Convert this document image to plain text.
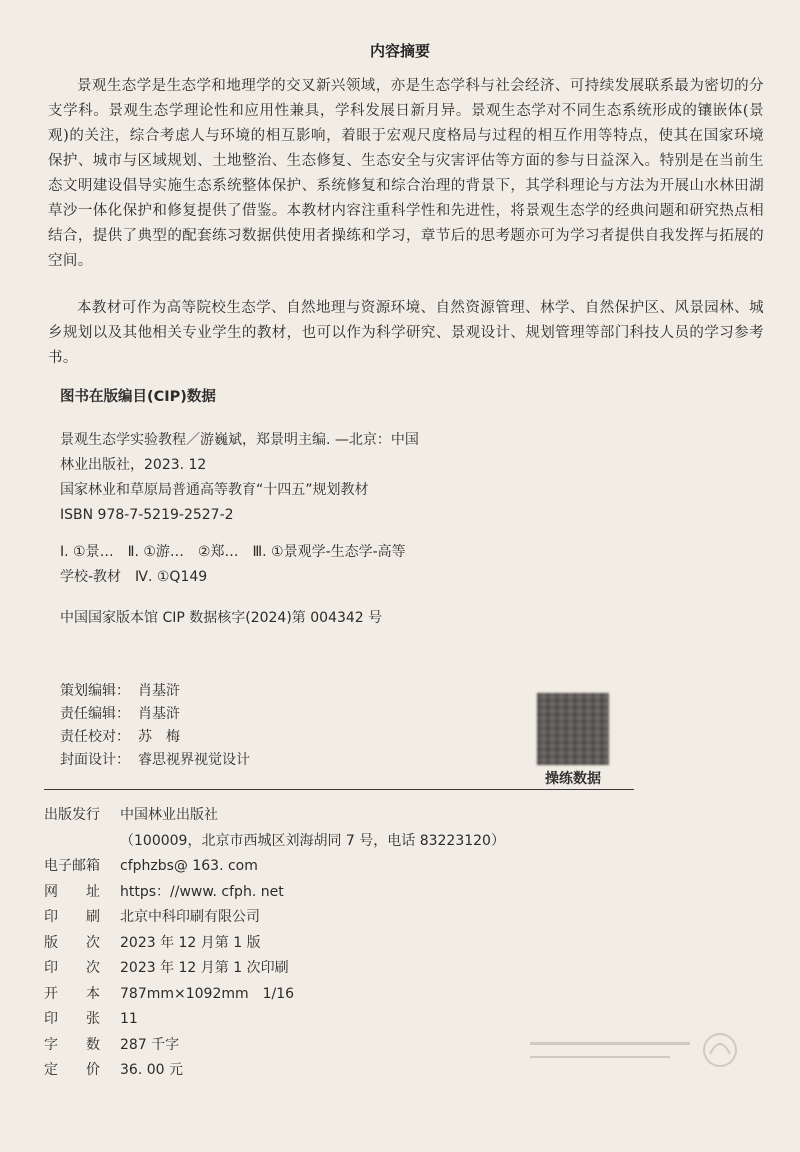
内容摘要
景观生态学是生态学和地理学的交叉新兴领域，亦是生态学科与社会经济、可持续发展联系最为密切的分支学科。景观生态学理论性和应用性兼具，学科发展日新月异。景观生态学对不同生态系统形成的镶嵌体(景观)的关注，综合考虑人与环境的相互影响，着眼于宏观尺度格局与过程的相互作用等特点，使其在国家环境保护、城市与区域规划、土地整治、生态修复、生态安全与灾害评估等方面的参与日益深入。特别是在当前生态文明建设倡导实施生态系统整体保护、系统修复和综合治理的背景下，其学科理论与方法为开展山水林田湖草沙一体化保护和修复提供了借鉴。本教材内容注重科学性和先进性，将景观生态学的经典问题和研究热点相结合，提供了典型的配套练习数据供使用者操练和学习，章节后的思考题亦可为学习者提供自我发挥与拓展的空间。
本教材可作为高等院校生态学、自然地理与资源环境、自然资源管理、林学、自然保护区、风景园林、城乡规划以及其他相关专业学生的教材，也可以作为科学研究、景观设计、规划管理等部门科技人员的学习参考书。
图书在版编目(CIP)数据
景观生态学实验教程／游巍斌，郑景明主编. —北京：中国
林业出版社，2023. 12
国家林业和草原局普通高等教育“十四五”规划教材
ISBN 978-7-5219-2527-2
Ⅰ. ①景…　Ⅱ. ①游…　②郑…　Ⅲ. ①景观学-生态学-高等
学校-教材　Ⅳ. ①Q149
中国国家版本馆 CIP 数据核字(2024)第 004342 号
策划编辑： 肖基浒
责任编辑： 肖基浒
责任校对： 苏　梅
封面设计： 睿思视界视觉设计
操练数据
出版发行	中国林业出版社
（100009，北京市西城区刘海胡同 7 号，电话 83223120）
电子邮箱	cfphzbs@ 163. com
网　　址	https：//www. cfph. net
印　　刷	北京中科印刷有限公司
版　　次	2023 年 12 月第 1 版
印　　次	2023 年 12 月第 1 次印刷
开　　本	787mm×1092mm　1/16
印　　张	11
字　　数	287 千字
定　　价	36. 00 元
